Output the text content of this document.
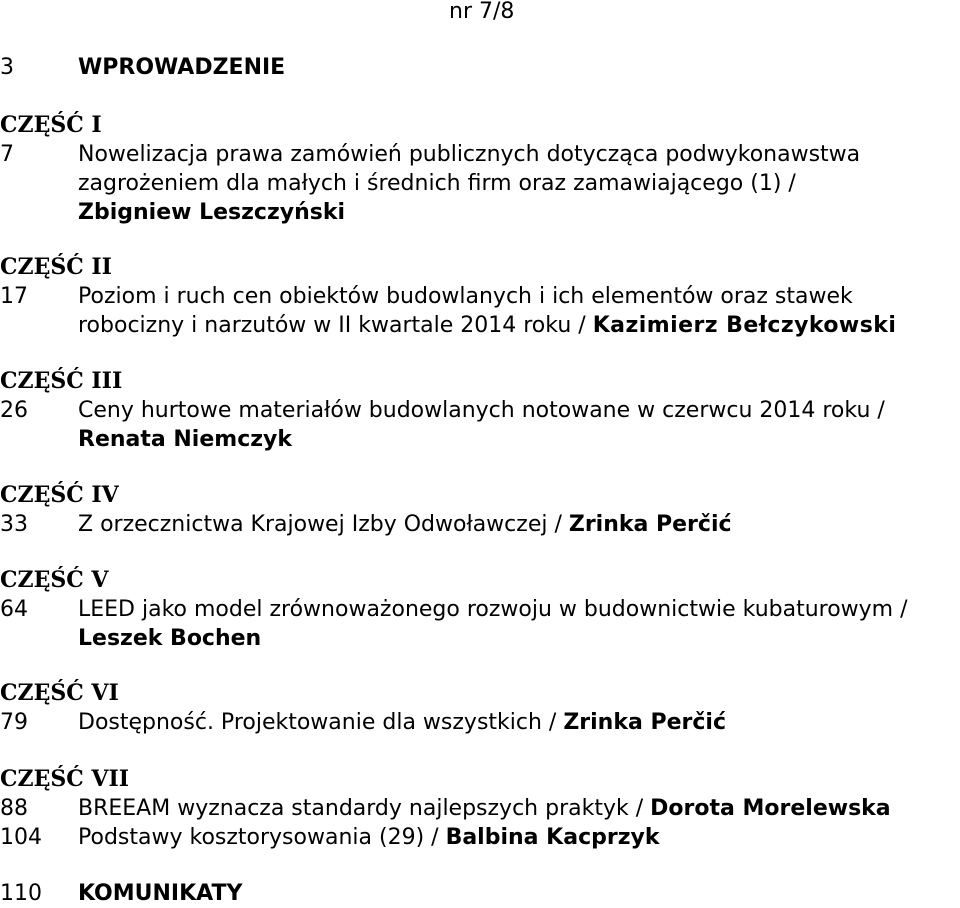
nr 7/8
3	WPROWADZENIE
CZĘŚĆ I
7	Nowelizacja prawa zamówień publicznych dotycząca podwykonawstwa
zagrożeniem dla małych i średnich firm oraz zamawiającego (1) /
Zbigniew Leszczyński
CZĘŚĆ II
17 Poziom i ruch cen obiektów budowlanych i ich elementów oraz stawek
robocizny i narzutów w II kwartale 2014 roku / Kazimierz Bełczykowski
CZĘŚĆ III
26 Ceny hurtowe materiałów budowlanych notowane w czerwcu 2014 roku /
Renata Niemczyk
CZĘŚĆ IV
33 Z orzecznictwa Krajowej Izby Odwoławczej / Zrinka Perčić
CZĘŚĆ V
64 LEED jako model zrównoważonego rozwoju w budownictwie kubaturowym /
Leszek Bochen
CZĘŚĆ VI
79 Dostępność. Projektowanie dla wszystkich / Zrinka Perčić
CZĘŚĆ VII
88 BREEAM wyznacza standardy najlepszych praktyk / Dorota Morelewska
104 Podstawy kosztorysowania (29) / Balbina Kacprzyk
110 KOMUNIKATY
